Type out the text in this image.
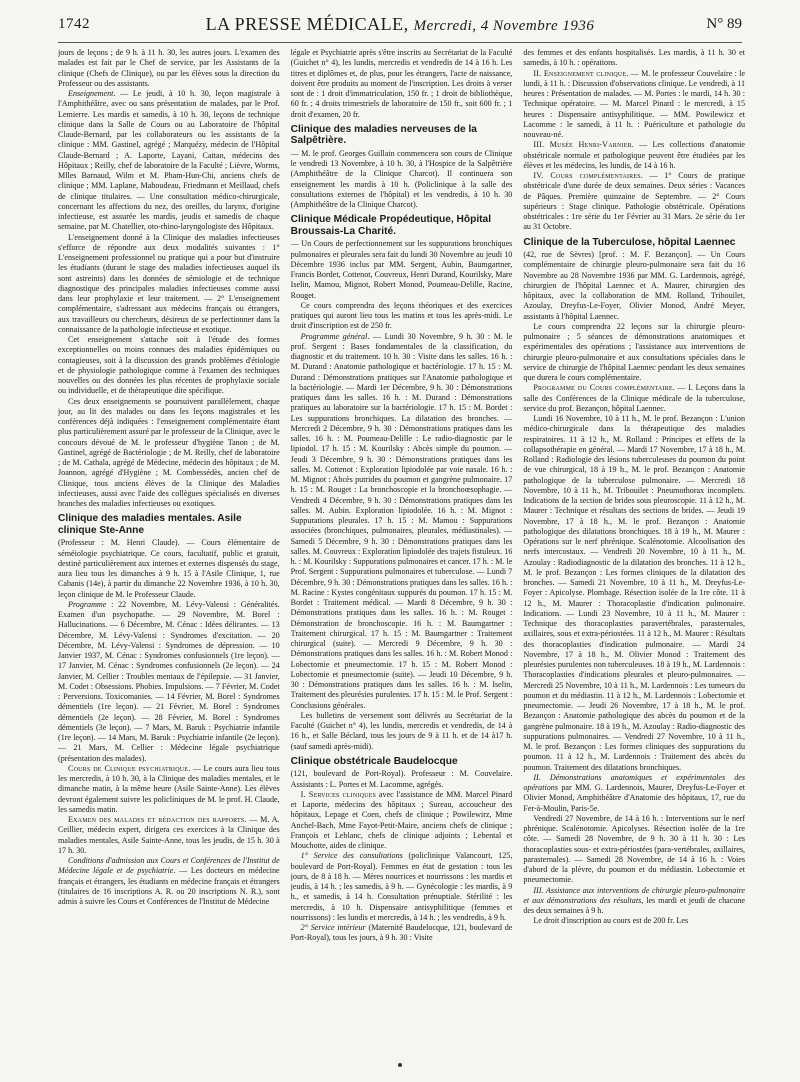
1742	LA PRESSE MÉDICALE, Mercredi, 4 Novembre 1936	N° 89

jours de leçons ; de 9 h. à 11 h. 30, les autres jours. L'examen des malades est fait par le Chef de service, par les Assistants de la clinique (Chefs de Clinique), ou par les élèves sous la direction du Professeur ou des assistants.

Enseignement. — Le jeudi, à 10 h. 30, leçon magistrale à l'Amphithéâtre, avec ou sans présentation de malades, par le Prof. Lemierre. Les mardis et samedis, à 10 h. 30, leçons de technique clinique dans la Salle de Cours ou au Laboratoire de l'hôpital Claude-Bernard, par les collaborateurs ou les assistants de la clinique : MM. Gastinel, agrégé ; Marquézy, médecin de l'Hôpital Claude-Bernard ; A. Laporte, Layani, Cattan, médecins des Hôpitaux ; Reilly, chef de laboratoire de la Faculté ; Lièvre, Worms, Mlles Barnaud, Wilm et M. Pham-Hun-Chi, anciens chefs de clinique ; MM. Laplane, Mahoudeau, Friedmann et Meillaud, chefs de clinique titulaires. — Une consultation médico-chirurgicale, concernant les affections du nez, des oreilles, du larynx, d'origine infectieuse, est assurée les mardis, jeudis et samedis de chaque semaine, par M. Chatellier, oto-rhino-laryngologiste des Hôpitaux.

L'enseignement donné à la Clinique des maladies infectieuses s'efforce de répondre aux deux modalités suivantes : 1° L'enseignement professionnel ou pratique qui a pour but d'instruire les étudiants (durant le stage des maladies infectieuses auquel ils sont astreints) dans les données de sémiologie et de technique diagnostique des principales maladies infectieuses comme aussi dans leur prophylaxie et leur traitement. — 2° L'enseignement complémentaire, s'adressant aux médecins français ou étrangers, aux travailleurs ou chercheurs, désireux de se perfectionner dans la connaissance de la pathologie infectieuse et exotique.

Cet enseignement s'attache soit à l'étude des formes exceptionnelles ou moins connues des maladies épidémiques ou contagieuses, soit à la discussion des grands problèmes d'étiologie et de physiologie pathologique comme à l'examen des techniques nouvelles ou des données les plus récentes de prophylaxie sociale ou individuelle, et de thérapeutique dite spécifique.

Ces deux enseignements se poursuivent parallèlement, chaque jour, au lit des malades ou dans les leçons magistrales et les conférences déjà indiquées : l'enseignement complémentaire étant plus particulièrement assuré par le professeur de la Clinique, avec le concours dévoué de M. le professeur d'hygiène Tanon ; de M. Gastinel, agrégé de Bactériologie ; de M. Reilly, chef de laboratoire ; de M. Cathala, agrégé de Médecine, médecin des hôpitaux ; de M. Joannon, agrégé d'Hygiène ; M. Combessédès, ancien chef de Clinique, tous anciens élèves de la Clinique des Maladies infectieuses, aussi avec l'aide des collègues spécialisés en diverses branches des maladies infectieuses ou exotiques.

Clinique des maladies mentales. Asile clinique Ste-Anne

(Professeur : M. Henri Claude). — Cours élémentaire de séméiologie psychiatrique. Ce cours, facultatif, public et gratuit, destiné particulièrement aux internes et externes dispensés du stage, aura lieu tous les dimanches à 9 h. 15 à l'Asile Clinique, 1, rue Cabanis (14e), à partir du dimanche 22 Novembre 1936, à 10 h. 30, leçon clinique de M. le Professeur Claude.

Programme : 22 Novembre, M. Lévy-Valensi : Généralités. Examen d'un psychopathe. — 29 Novembre, M. Borel : Hallucinations. — 6 Décembre, M. Cénac : Idées délirantes. — 13 Décembre, M. Lévy-Valensi : Syndromes d'excitation. — 20 Décembre, M. Lévy-Valensi : Syndromes de dépression. — 10 Janvier 1937, M. Cénac : Syndromes confusionnels (1re leçon). — 17 Janvier, M. Cénac : Syndromes confusionnels (2e leçon). — 24 Janvier, M. Cellier : Troubles mentaux de l'épilepsie. — 31 Janvier, M. Codet : Obsessions. Phobies. Impulsions. — 7 Février, M. Codet : Perversions. Toxicomanies. — 14 Février, M. Borel : Syndromes démentiels (1re leçon). — 21 Février, M. Borel : Syndromes démentiels (2e leçon). — 28 Février, M. Borel : Syndromes démentiels (3e leçon). — 7 Mars, M. Baruk : Psychiatrie infantile (1re leçon). — 14 Mars, M. Baruk : Psychiatrie infantile (2e leçon). — 21 Mars, M. Cellier : Médecine légale psychiatrique (présentation des malades).

Cours de Clinique psychiatrique. — Le cours aura lieu tous les mercredis, à 10 h. 30, à la Clinique des maladies mentales, et le dimanche matin, à la même heure (Asile Sainte-Anne). Les élèves devront également suivre les policliniques de M. le prof. H. Claude, les samedis matin.

Examen des malades et rédaction des rapports. — M. A. Ceillier, médecin expert, dirigera ces exercices à la Clinique des maladies mentales, Asile Sainte-Anne, tous les jeudis, de 15 h. 30 à 17 h. 30.

Conditions d'admission aux Cours et Conférences de l'Institut de Médecine légale et de psychiatrie. — Les docteurs en médecine français et étrangers, les étudiants en médecine français et étrangers (titulaires de 16 inscriptions A. R. ou 20 inscriptions N. R.), sont admis à suivre les Cours et Conférences de l'Institut de Médecine

légale et Psychiatrie après s'être inscrits au Secrétariat de la Faculté (Guichet n° 4), les lundis, mercredis et vendredis de 14 à 16 h. Les titres et diplômes et, de plus, pour les étrangers, l'acte de naissance, doivent être produits au moment de l'inscription. Les droits à verser sont de : 1 droit d'immatriculation, 150 fr. ; 1 droit de bibliothèque, 60 fr. ; 4 droits trimestriels de laboratoire de 150 fr., soit 600 fr. ; 1 droit d'examen, 20 fr.

Clinique des maladies nerveuses de la Salpêtrière.

— M. le prof. Georges Guillain commencera son cours de Clinique le vendredi 13 Novembre, à 10 h. 30, à l'Hospice de la Salpêtrière (Amphithéâtre de la Clinique Charcot). Il continuera son enseignement les mardis à 10 h. (Policlinique à la salle des consultations externes de l'hôpital) et les vendredis, à 10 h. 30 (Amphithéâtre de la Clinique Charcot).

Clinique Médicale Propédeutique, Hôpital Broussais-La Charité.

— Un Cours de perfectionnement sur les suppurations bronchiques pulmonaires et pleurales sera fait du lundi 30 Novembre au jeudi 10 Décembre 1936 inclus par MM. Sergent, Aubin, Baumgartner, Francis Bordet, Cottenot, Couvreux, Henri Durand, Kourilsky, Mare Iselin, Mamou, Mignot, Robert Monod, Poumeau-Delille, Racine, Rouget.

Ce cours comprendra des leçons théoriques et des exercices pratiques qui auront lieu tous les matins et tous les après-midi. Le droit d'inscription est de 250 fr.

Programme général. — Lundi 30 Novembre, 9 h. 30 : M. le prof. Sergent : Bases fondamentales de la classification, du diagnostic et du traitement. 10 h. 30 : Visite dans les salles. 16 h. : M. Durand : Anatomie pathologique et bactériologie. 17 h. 15 : M. Durand : Démonstrations pratiques sur l'Anatomie pathologique et la bactériologie. — Mardi 1er Décembre, 9 h. 30 : Démonstrations pratiques dans les salles. 16 h. : M. Durand : Démonstrations pratiques au laboratoire sur la bactériologie. 17 h. 15 : M. Bordet : Les suppurations bronchiques. La dilatation des bronches. — Mercredi 2 Décembre, 9 h. 30 : Démonstrations pratiques dans les salles. 16 h. : M. Poumeau-Delille : Le radio-diagnostic par le lipiodol. 17 h. 15 : M. Kourilsky : Abcès simple du poumon. — Jeudi 3 Décembre, 9 h. 30 : Démonstrations pratiques dans les salles. M. Cottenot : Exploration lipiodolée par voie nasale. 16 h. : M. Mignot : Abcès putrides du poumon et gangrène pulmonaire. 17 h. 15 : M. Rouget : La bronchoscopie et la bronchoœsophagie. — Vendredi 4 Décembre, 9 h. 30 : Démonstrations pratiques dans les salles. M. Aubin. Exploration lipiodolée. 16 h. : M. Mignot : Suppurations pleurales. 17 h. 15 : M. Mamou : Suppurations associées (bronchiques, pulmonaires, pleurales, médiastinales). — Samedi 5 Décembre, 9 h. 30 : Démonstrations pratiques dans les salles. M. Couvreux : Exploration lipiodolée des trajets fistuleux. 16 h. : M. Kourilsky : Suppurations pulmonaires et cancer. 17 h. : M. le Prof. Sergent : Suppurations pulmonaires et tuberculose. — Lundi 7 Décembre, 9 h. 30 : Démonstrations pratiques dans les salles. 16 h. : M. Racine : Kystes congénitaux suppurés du poumon. 17 h. 15 : M. Bordet : Traitement médical. — Mardi 8 Décembre, 9 h. 30 : Démonstrations pratiques dans les salles. 16 h. : M. Rouget : Démonstration de bronchoscopie. 16 h. : M. Baumgartner : Traitement chirurgical. 17 h. 15 : M. Baumgartner : Traitement chirurgical (suite). — Mercredi 9 Décembre, 9 h. 30 : Démonstrations pratiques dans les salles. 16 h. : M. Robert Monod : Lobectomie et pneumectomie. 17 h. 15 : M. Robert Monod : Lobectomie et pneumectomie (suite). — Jeudi 10 Décembre, 9 h. 30 : Démonstrations pratiques dans les salles. 16 h. : M. Iselin, Traitement des pleurésies purulentes. 17 h. 15 : M. le Prof. Sergent : Conclusions générales.

Les bulletins de versement sont délivrés au Secrétariat de la Faculté (Guichet n° 4), les lundis, mercredis et vendredis, de 14 à 16 h., et Salle Béclard, tous les jours de 9 à 11 h. et de 14 à17 h. (sauf samedi après-midi).

Clinique obstétricale Baudelocque

(121, boulevard de Port-Royal). Professeur : M. Couvelaire. Assistants : L. Portes et M. Lacomme, agrégés.

I. Services cliniques avec l'assistance de MM. Marcel Pinard et Laporte, médecins des hôpitaux ; Sureau, accoucheur des hôpitaux, Lepage et Coen, chefs de clinique ; Powilewirz, Mme Anchel-Bach, Mme Fayot-Petit-Maire, anciens chefs de clinique ; François et Leblanc, chefs de clinique adjoints ; Lebental et Mouchotte, aides de clinique.

1° Service des consultations (policlinique Valancourt, 125, boulevard de Port-Royal). Femmes en état de gestation : tous les jours, de 8 à 18 h. — Mères nourrices et nourrissons : les mardis et jeudis, à 14 h. ; les samedis, à 9 h. — Gynécologie : les mardis, à 9 h., et samedis, à 14 h. Consultation prénuptiale. Stérilité : les mercredis, à 10 h. Dispensaire antisyphilitique (femmes et nourrissons) : les lundis et mercredis, à 14 h. ; les vendredis, à 9 h.

2° Service intérieur (Maternité Baudelocque, 121, boulevard de Port-Royal), tous les jours, à 9 h. 30 : Visite

des femmes et des enfants hospitalisés. Les mardis, à 11 h. 30 et samedis, à 10 h. : opérations.

II. Enseignement clinique. — M. le professeur Couvelaire : le lundi, à 11 h. : Discussion d'observations clinique. Le vendredi, à 11 heures : Présentation de malades. — M. Portes : le mardi, 14 h. 30 : Technique opératoire. — M. Marcel Pinard : le mercredi, à 15 heures : Dispensaire antisyphilitique. — MM. Powilewicz et Lacomme : le samedi, à 11 h. : Puériculture et pathologie du nouveau-né.

III. Musée Henri-Varnier. — Les collections d'anatomie obstétricale normale et pathologique peuvent être étudiées par les élèves et les médecins, les lundis, de 14 à 16 h.

IV. Cours complémentaires. — 1° Cours de pratique obstétricale d'une durée de deux semaines. Deux séries : Vacances de Pâques. Première quinzaine de Septembre. — 2° Cours supérieurs : Stage clinique. Pathologie obstétricale. Opérations obstétricales : 1re série du 1er Février au 31 Mars. 2e série du 1er au 31 Octobre.

Clinique de la Tuberculose, hôpital Laennec

(42, rue de Sèvres) [prof. : M. F. Bezançon]. — Un Cours complémentaire de chirurgie pleuro-pulmonaire sera fait du 16 Novembre au 28 Novembre 1936 par MM. G. Lardennois, agrégé, chirurgien de l'hôpital Laennec et A. Maurer, chirurgien des hôpitaux, avec la collaboration de MM. Rolland, Tribouilet, Azoulay, Dreyfus-Le-Foyer, Olivier Monod, André Meyer, assistants à l'hôpital Laennec.

Le cours comprendra 22 leçons sur la chirurgie pleuro-pulmonaire ; 5 séances de démonstrations anatomiques et expérimentales des opérations ; l'assistance aux interventions de chirurgie pleuro-pulmonaire et aux consultations spéciales dans le service de chirurgie de l'hôpital Laennec pendant les deux semaines que durera le cours complémentaire.

Programme du Cours complémentaire. — I. Leçons dans la salle des Conférences de la Clinique médicale de la tuberculose, service du prof. Bezançon, hôpital Laennec.

Lundi 16 Novembre, 10 à 11 h., M. le prof. Bezançon : L'union médico-chirurgicale dans la thérapeutique des maladies respiratoires. 11 à 12 h., M. Rolland : Principes et effets de la collapsothérapie en général. — Mardi 17 Novembre, 17 à 18 h., M. Rolland : Radiologie des lésions tuberculeuses du poumon du point de vue chirurgical, 18 à 19 h., M. le prof. Bezançon : Anatomie pathologique de la tuberculose pulmonaire. — Mercredi 18 Novembre, 10 à 11 h., M. Tribouilet : Pneumothorax incomplets. Indications de la section de brides sous pleuroscopie. 11 à 12 h., M. Maurer : Technique et résultats des sections de brides. — Jeudi 19 Novembre, 17 à 18 h., M. le prof. Bezançon : Anatomie pathologique des dilatations bronchiques. 18 à 19 h., M. Maurer : Opérations sur le nerf phrénique. Scalénotomie. Alcoolisation des nerfs intercostaux. — Vendredi 20 Novembre, 10 à 11 h., M. Azoulay : Radiodiagnostic de la dilatation des bronches. 11 à 12 h., M. le prof. Bezançon : Les formes cliniques de la dilatation des bronches. — Samedi 21 Novembre, 10 à 11 h., M. Dreyfus-Le-Foyer : Apicolyse. Plombage. Résection isolée de la 1re côte. 11 à 12 h., M. Maurer : Thoracoplastie d'indication pulmonaire. Indications. — Lundi 23 Novembre, 10 à 11 h., M. Maurer : Technique des thoracoplasties paravertébrales, parasternales, axillaires, sous et extra-périostées. 11 à 12 h., M. Maurer : Résultats des thoracoplasties d'indication pulmonaire. — Mardi 24 Novembre, 17 à 18 h., M. Olivier Monod : Traitement des pleurésies purulentes non tuberculeuses. 18 à 19 h., M. Lardennois : Thoracoplasties d'indications pleurales et pleuro-pulmonaires. — Mercredi 25 Novembre, 10 à 11 h., M. Lardennois : Les tumeurs du poumon et du médiastin. 11 à 12 h., M. Lardennois : Lobectomie et pneumectomie. — Jeudi 26 Novembre, 17 à 18 h., M. le prof. Bezançon : Anatomie pathologique des abcès du poumon et de la gangrène pulmonaire. 18 à 19 h., M. Azoulay : Radio-diagnostic des suppurations pulmonaires. — Vendredi 27 Novembre, 10 à 11 h., M. le prof. Bezançon : Les formes cliniques des suppurations du poumon. 11 à 12 h., M. Lardennois : Traitement des abcès du poumon. Traitement des dilatations bronchiques.

II. Démonstrations anatomiques et expérimentales des opérations par MM. G. Lardennois, Maurer, Dreyfus-Le-Foyer et Olivier Monod, Amphithéâtre d'Anatomie des hôpitaux, 17, rue du Fer-à-Moulin, Paris-5e.

Vendredi 27 Novembre, de 14 à 16 h. : Interventions sur le nerf phrénique. Scalénotomie. Apicolyses. Résection isolée de la 1re côte. — Samedi 28 Novembre, de 9 h. 30 à 11 h. 30 : Les thoracoplasties sous- et extra-périostées (para-vertébrales, axillaires, parasternales). — Samedi 28 Novembre, de 14 à 16 h. : Voies d'abord de la plèvre, du poumon et du médiastin. Lobectomie et pneumectomie.

III. Assistance aux interventions de chirurgie pleuro-pulmonaire et aux démonstrations des résultats, les mardi et jeudi de chacune des deux semaines à 9 h.

Le droit d'inscription au cours est de 200 fr. Les
